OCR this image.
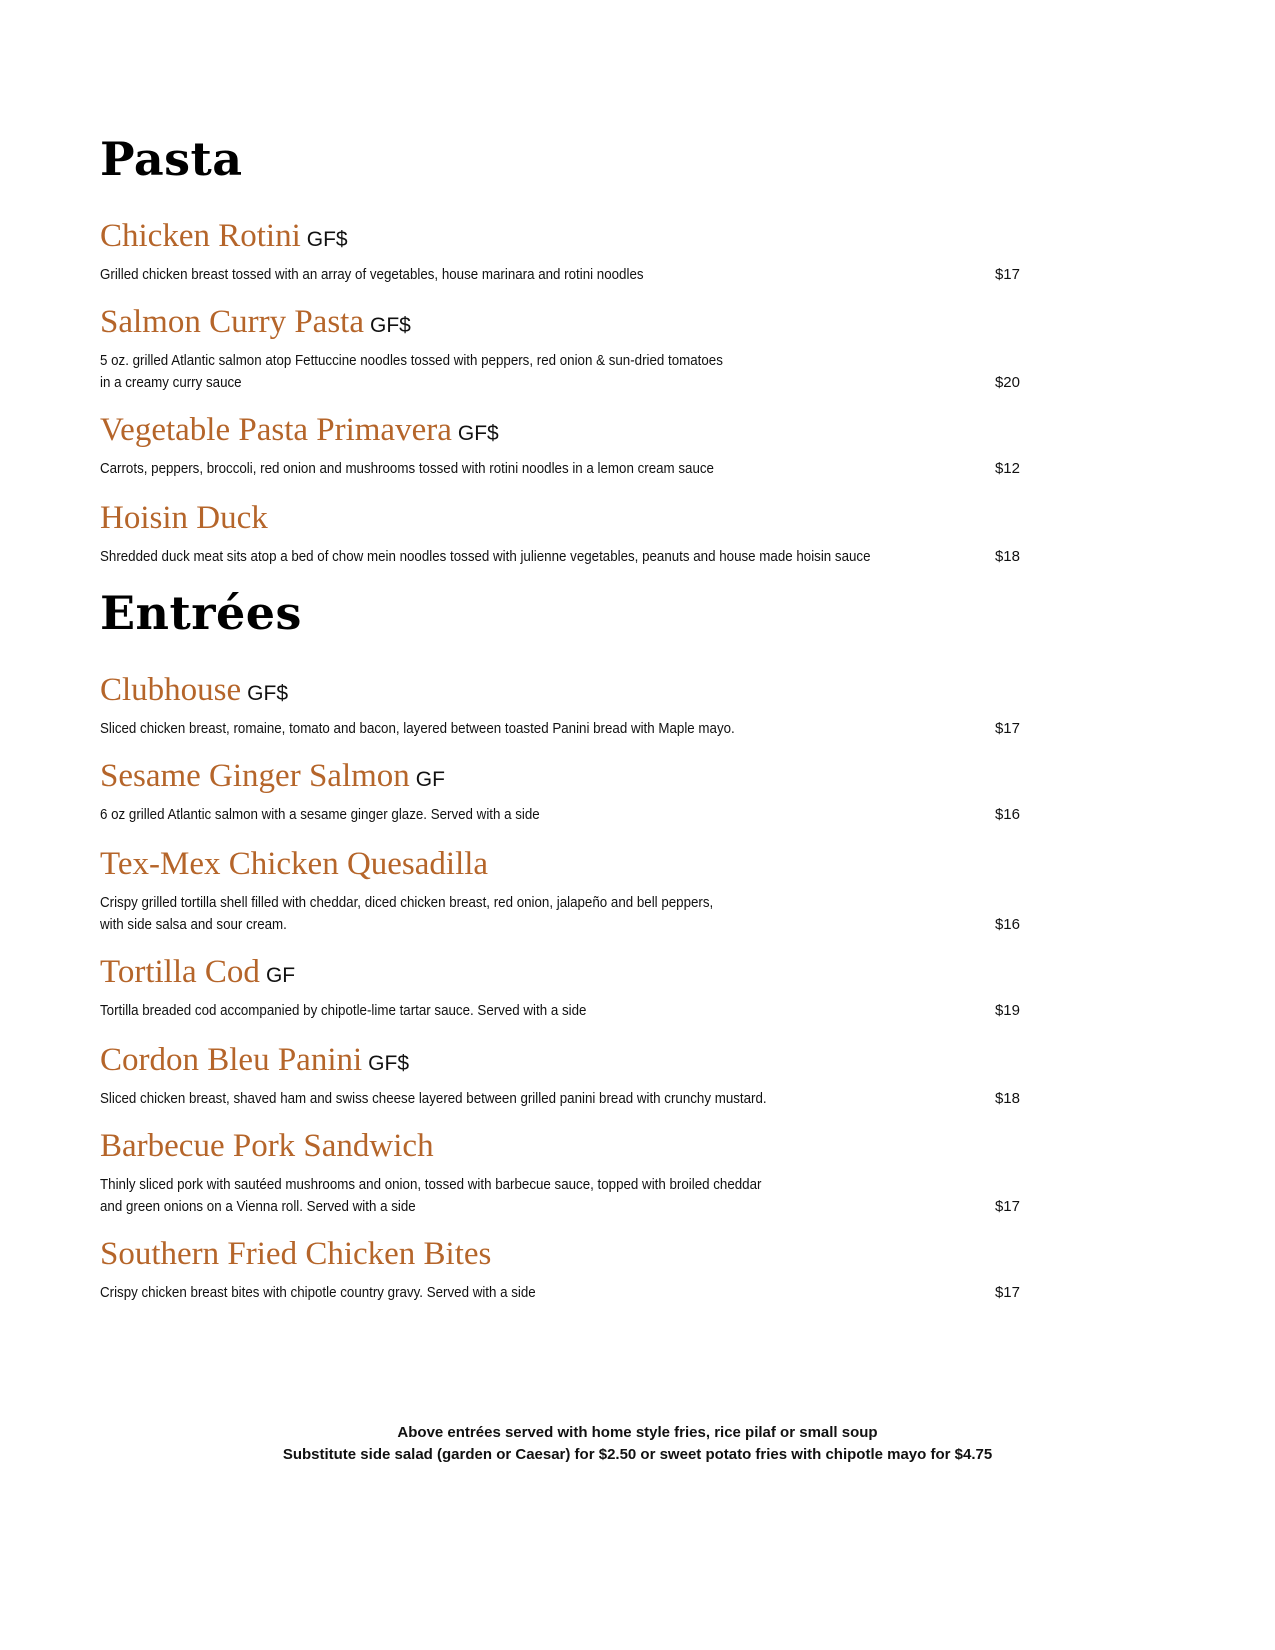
Pasta
Chicken Rotini GF$
Grilled chicken breast tossed with an array of vegetables, house marinara and rotini noodles	$17
Salmon Curry Pasta GF$
5 oz. grilled Atlantic salmon atop Fettuccine noodles tossed with peppers, red onion & sun-dried tomatoes
in a creamy curry sauce	$20
Vegetable Pasta Primavera GF$
Carrots, peppers, broccoli, red onion and mushrooms tossed with rotini noodles in a lemon cream sauce	$12
Hoisin Duck
Shredded duck meat sits atop a bed of chow mein noodles tossed with julienne vegetables, peanuts and house made hoisin sauce	$18
Entrées
Clubhouse GF$
Sliced chicken breast, romaine, tomato and bacon, layered between toasted Panini bread with Maple mayo.	$17
Sesame Ginger Salmon GF
6 oz grilled Atlantic salmon with a sesame ginger glaze. Served with a side	$16
Tex-Mex Chicken Quesadilla
Crispy grilled tortilla shell filled with cheddar, diced chicken breast, red onion, jalapeño and bell peppers,
with side salsa and sour cream.	$16
Tortilla Cod GF
Tortilla breaded cod accompanied by chipotle-lime tartar sauce. Served with a side	$19
Cordon Bleu Panini GF$
Sliced chicken breast, shaved ham and swiss cheese layered between grilled panini bread with crunchy mustard.	$18
Barbecue Pork Sandwich
Thinly sliced pork with sautéed mushrooms and onion, tossed with barbecue sauce, topped with broiled cheddar
and green onions on a Vienna roll. Served with a side	$17
Southern Fried Chicken Bites
Crispy chicken breast bites with chipotle country gravy. Served with a side	$17
Above entrées served with home style fries, rice pilaf or small soup
Substitute side salad (garden or Caesar) for $2.50 or sweet potato fries with chipotle mayo for $4.75
